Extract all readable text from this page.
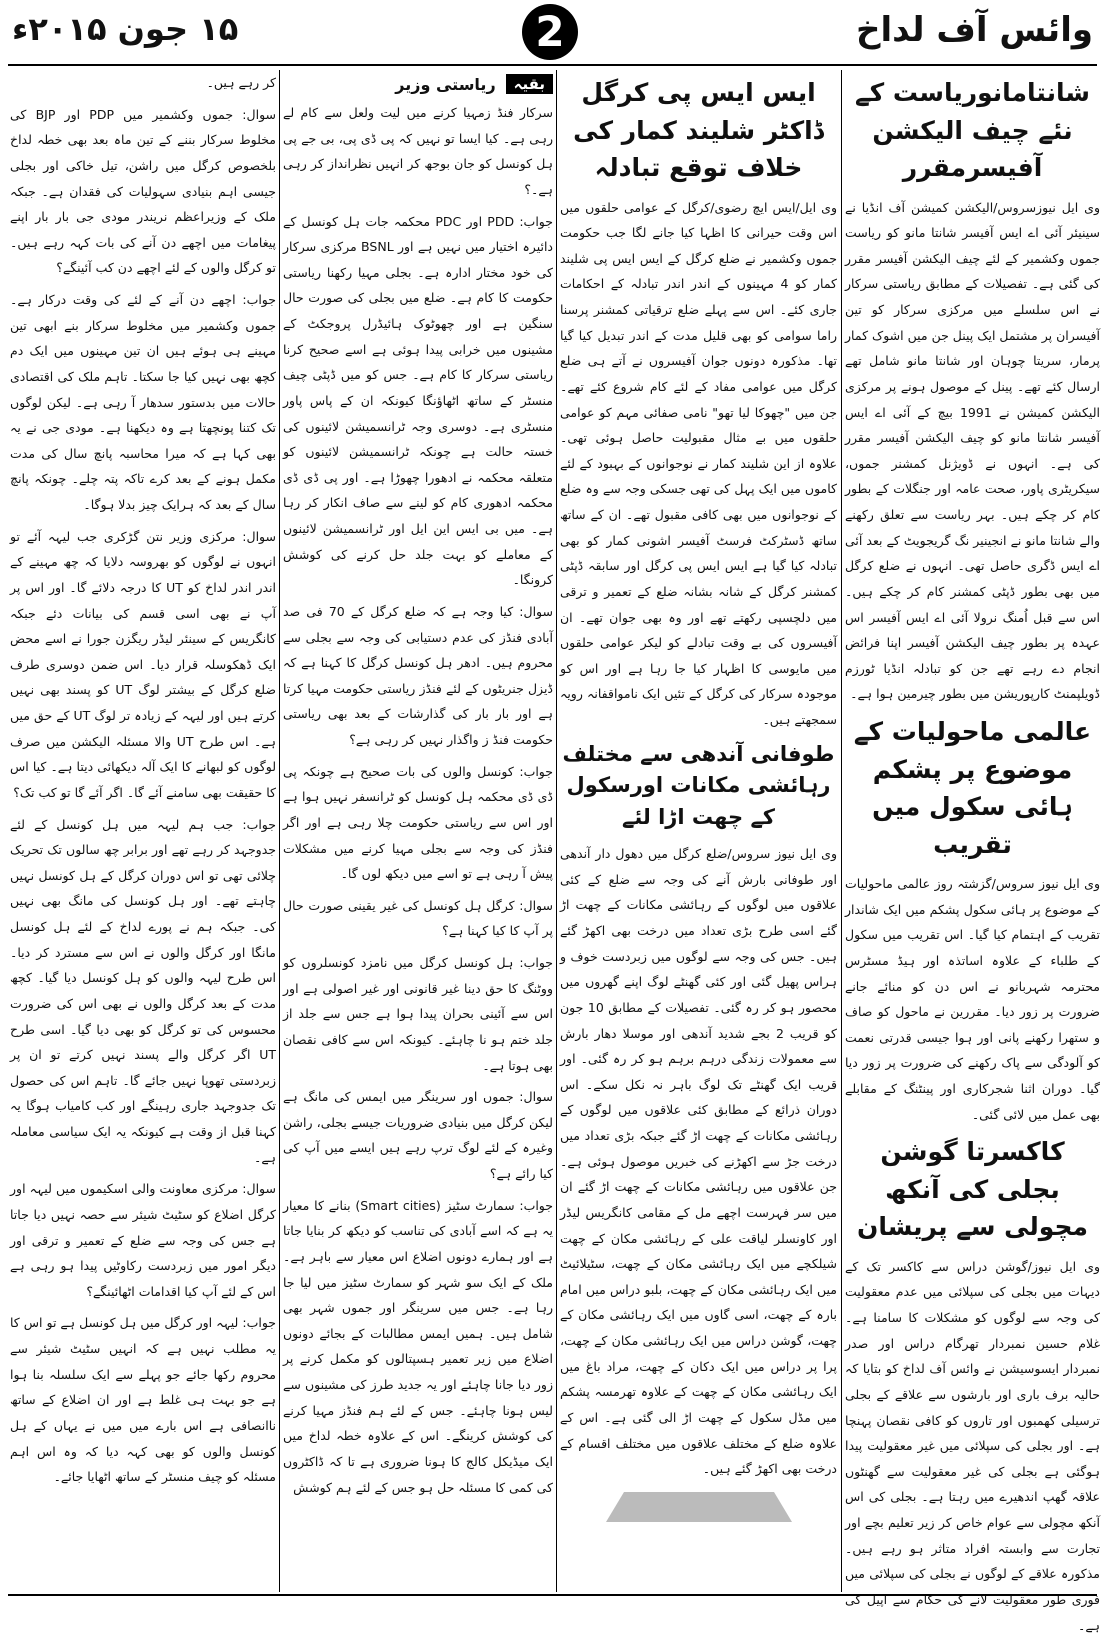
وائس آف لداخ
2
۱۵ جون ۲۰۱۵ء
شانتامانوریاست کے نئے چیف الیکشن آفیسرمقرر

وی ایل نیوزسروس/الیکشن کمیشن آف انڈیا نے سینیئر آئی اے ایس آفیسر شانتا مانو کو ریاست جموں وکشمیر کے لئے چیف الیکشن آفیسر مقرر کی گئی ہے۔ تفصیلات کے مطابق ریاستی سرکار نے اس سلسلے میں مرکزی سرکار کو تین آفیسران پر مشتمل ایک پینل جن میں اشوک کمار پرمار، سریتا چوہان اور شانتا مانو شامل تھے ارسال کئے تھے۔ پینل کے موصول ہونے پر مرکزی الیکشن کمیشن نے 1991 بیچ کے آئی اے ایس آفیسر شانتا مانو کو چیف الیکشن آفیسر مقرر کی ہے۔ انہوں نے ڈویژنل کمشنر جموں، سیکریٹری پاور، صحت عامہ اور جنگلات کے بطور کام کر چکے ہیں۔ بہر ریاست سے تعلق رکھنے والے شانتا مانو نے انجینیر نگ گریجویٹ کے بعد آئی اے ایس ڈگری حاصل تھی۔ انہوں نے ضلع کرگل میں بھی بطور ڈپٹی کمشنر کام کر چکے ہیں۔ اس سے قبل اُمنگ نرولا آئی اے ایس آفیسر اس عہدہ پر بطور چیف الیکشن آفیسر اپنا فرائض انجام دے رہے تھے جن کو تبادلہ انڈیا ٹورزم ڈویلپمنٹ کارپوریشن میں بطور چیرمین ہوا ہے۔

عالمی ماحولیات کے موضوع پر پشکم ہائی سکول میں تقریب

وی ایل نیوز سروس/گزشتہ روز عالمی ماحولیات کے موضوع پر ہائی سکول پشکم میں ایک شاندار تقریب کے اہتمام کیا گیا۔ اس تقریب میں سکول کے طلباء کے علاوہ اساتذہ اور ہیڈ مسٹرس محترمہ شہربانو نے اس دن کو منائے جانے ضرورت پر زور دیا۔ مقررین نے ماحول کو صاف و ستھرا رکھنے پانی اور ہوا جیسی قدرتی نعمت کو آلودگی سے پاک رکھنے کی ضرورت پر زور دیا گیا۔ دوران اثنا شجرکاری اور پینٹنگ کے مقابلے بھی عمل میں لائی گئی۔

کاکسرتا گوشن بجلی کی آنکھ مچولی سے پریشان

وی ایل نیوز/گوشن دراس سے کاکسر تک کے دیہات میں بجلی کی سپلائی میں عدم معقولیت کی وجہ سے لوگوں کو مشکلات کا سامنا ہے۔ غلام حسین نمبردار تھرگام دراس اور صدر نمبردار ایسوسیشن نے وائس آف لداخ کو بتایا کہ حالیہ برف باری اور بارشوں سے علاقے کے بجلی ترسیلی کھمبوں اور تاروں کو کافی نقصان پہنچا ہے۔ اور بجلی کی سپلائی میں غیر معقولیت پیدا ہوگئی ہے بجلی کی غیر معقولیت سے گھنٹوں علاقہ گھپ اندھیرے میں رہتا ہے۔ بجلی کی اس آنکھ مچولی سے عوام خاص کر زیر تعلیم بچے اور تجارت سے وابستہ افراد متاثر ہو رہے ہیں۔ مذکورہ علاقے کے لوگوں نے بجلی کی سپلائی میں فوری طور معقولیت لانے کی حکام سے اپیل کی ہے۔

ایس ایس پی کرگل ڈاکٹر شلیند کمار کی خلاف توقع تبادلہ

وی ایل/ایس ایچ رضوی/کرگل کے عوامی حلقوں میں اس وقت حیرانی کا اظہا کیا جانے لگا جب حکومت جموں وکشمیر نے ضلع کرگل کے ایس ایس پی شلیند کمار کو 4 مہینوں کے اندر اندر تبادلہ کے احکامات جاری کئے۔ اس سے پہلے ضلع ترقیاتی کمشنر پرسنا راما سوامی کو بھی قلیل مدت کے اندر تبدیل کیا گیا تھا۔ مذکورہ دونوں جوان آفیسروں نے آتے ہی ضلع کرگل میں عوامی مفاد کے لئے کام شروع کئے تھے۔ جن میں "چھوکا لیا تھو" نامی صفائی مہم کو عوامی حلقوں میں بے مثال مقبولیت حاصل ہوئی تھی۔ علاوہ از این شلیند کمار نے نوجوانوں کے بہبود کے لئے کاموں میں ایک پہل کی تھی جسکی وجہ سے وہ ضلع کے نوجوانوں میں بھی کافی مقبول تھے۔ ان کے ساتھ ساتھ ڈسٹرکٹ فرسٹ آفیسر اشونی کمار کو بھی تبادلہ کیا گیا ہے ایس ایس پی کرگل اور سابقہ ڈپٹی کمشنر کرگل کے شانہ بشانہ ضلع کے تعمیر و ترقی میں دلچسپی رکھتے تھے اور وہ بھی جوان تھے۔ ان آفیسروں کی بے وقت تبادلے کو لیکر عوامی حلقوں میں مایوسی کا اظہار کیا جا رہا ہے اور اس کو موجودہ سرکار کی کرگل کے تئیں ایک نامواقفانہ رویہ سمجھتے ہیں۔

طوفانی آندھی سے مختلف رہائشی مکانات اورسکول کے چھت اڑا لئے

وی ایل نیوز سروس/ضلع کرگل میں دھول دار آندھی اور طوفانی بارش آنے کی وجہ سے ضلع کے کئی علاقوں میں لوگوں کے رہائشی مکانات کے چھت اڑ گئے اسی طرح بڑی تعداد میں درخت بھی اکھڑ گئے ہیں۔ جس کی وجہ سے لوگوں میں زبردست خوف و ہراس پھیل گئی اور کئی گھنٹے لوگ اپنے گھروں میں محصور ہو کر رہ گئی۔ تفصیلات کے مطابق 10 جون کو قریب 2 بجے شدید آندھی اور موسلا دھار بارش سے معمولات زندگی درہم برہم ہو کر رہ گئی۔ اور قریب ایک گھنٹے تک لوگ باہر نہ نکل سکے۔ اس دوران ذرائع کے مطابق کئی علاقوں میں لوگوں کے رہائشی مکانات کے چھت اڑ گئے جبکہ بڑی تعداد میں درخت جڑ سے اکھڑنے کی خبریں موصول ہوئی ہے۔ جن علاقوں میں رہائشی مکانات کے چھت اڑ گئے ان میں سر فہرست اچھے مل کے مقامی کانگریس لیڈر اور کاونسلر لیاقت علی کے رہائشی مکان کے چھت شیلکچے میں ایک رہائشی مکان کے چھت، سٹیلائیٹ میں ایک رہائشی مکان کے چھت، بلبو دراس میں امام بارہ کے چھت، اسی گاوں میں ایک رہائشی مکان کے چھت، گوشن دراس میں ایک رہائشی مکان کے چھت، پرا پر دراس میں ایک دکان کے چھت، مراد باغ میں ایک رہائشی مکان کے چھت کے علاوہ تھرمسہ پشکم میں مڈل سکول کے چھت اڑ الی گئی ہے۔ اس کے علاوہ ضلع کے مختلف علاقوں میں مختلف اقسام کے درخت بھی اکھڑ گئے ہیں۔

بقیہ
ریاستی وزیر

سرکار فنڈ زمہیا کرنے میں لیت ولعل سے کام لے رہی ہے۔ کیا ایسا تو نہیں کہ پی ڈی پی، بی جے پی ہل کونسل کو جان بوجھ کر انہیں نظرانداز کر رہی ہے۔؟

جواب: PDD اور PDC محکمہ جات ہل کونسل کے دائیرہ اختیار میں نہیں ہے اور BSNL مرکزی سرکار کی خود مختار ادارہ ہے۔ بجلی مہیا رکھنا ریاستی حکومت کا کام ہے۔ ضلع میں بجلی کی صورت حال سنگین ہے اور چھوٹوک ہائیڈرل پروجکٹ کے مشینوں میں خرابی پیدا ہوئی ہے اسے صحیح کرنا ریاستی سرکار کا کام ہے۔ جس کو میں ڈپٹی چیف منسٹر کے ساتھ اٹھاؤنگا کیونکہ ان کے پاس پاور منسٹری ہے۔ دوسری وجہ ٹرانسمیشن لائینوں کی خستہ حالت ہے چونکہ ٹرانسمیشن لائینوں کو متعلقہ محکمہ نے ادھورا چھوڑا ہے۔ اور پی ڈی ڈی محکمہ ادھوری کام کو لینے سے صاف انکار کر رہا ہے۔ میں بی ایس این ایل اور ٹرانسمیشن لائینوں کے معاملے کو بہت جلد حل کرنے کی کوشش کرونگا۔

سوال: کیا وجہ ہے کہ ضلع کرگل کے 70 فی صد آبادی فنڈز کی عدم دستیابی کی وجہ سے بجلی سے محروم ہیں۔ ادھر ہل کونسل کرگل کا کہنا ہے کہ ڈیزل جنریٹوں کے لئے فنڈز ریاستی حکومت مہیا کرتا ہے اور بار بار کی گذارشات کے بعد بھی ریاستی حکومت فنڈ ز واگذار نہیں کر رہی ہے؟

جواب: کونسل والوں کی بات صحیح ہے چونکہ پی ڈی ڈی محکمہ ہل کونسل کو ٹرانسفر نہیں ہوا ہے اور اس سے ریاستی حکومت چلا رہی ہے اور اگر فنڈز کی وجہ سے بجلی مہیا کرنے میں مشکلات پیش آ رہی ہے تو اسے میں دیکھ لوں گا۔

سوال: کرگل ہل کونسل کی غیر یقینی صورت حال پر آپ کا کیا کہنا ہے؟

جواب: ہل کونسل کرگل میں نامزد کونسلروں کو ووٹنگ کا حق دینا غیر قانونی اور غیر اصولی ہے اور اس سے آئینی بحران پیدا ہوا ہے جس سے جلد از جلد ختم ہو نا چاہئے۔ کیونکہ اس سے کافی نقصان بھی ہوتا ہے۔

سوال: جموں اور سرینگر میں ایمس کی مانگ ہے لیکن کرگل میں بنیادی ضروریات جیسے بجلی، راشن وغیرہ کے لئے لوگ ترپ رہے ہیں ایسے میں آپ کی کیا رائے ہے؟

جواب: سمارٹ سٹیز (Smart cities) بنانے کا معیار یہ ہے کہ اسے آبادی کی تناسب کو دیکھ کر بنایا جاتا ہے اور ہمارے دونوں اضلاع اس معیار سے باہر ہے۔ ملک کے ایک سو شہر کو سمارٹ سٹیز میں لیا جا رہا ہے۔ جس میں سرینگر اور جموں شہر بھی شامل ہیں۔ ہمیں ایمس مطالبات کے بجائے دونوں اضلاع میں زیر تعمیر ہسپتالوں کو مکمل کرنے پر زور دیا جانا چاہئے اور یہ جدید طرز کی مشینوں سے لیس ہونا چاہئے۔ جس کے لئے ہم فنڈز مہیا کرنے کی کوشش کرینگے۔ اس کے علاوہ خطہ لداخ میں ایک میڈیکل کالج کا ہونا ضروری ہے تا کہ ڈاکٹروں کی کمی کا مسئلہ حل ہو جس کے لئے ہم کوشش

کر رہے ہیں۔

سوال: جموں وکشمیر میں PDP اور BJP کی مخلوط سرکار بننے کے تین ماہ بعد بھی خطہ لداخ بلخصوص کرگل میں راشن، تیل خاکی اور بجلی جیسی اہم بنیادی سہولیات کی فقدان ہے۔ جبکہ ملک کے وزیراعظم نریندر مودی جی بار بار اپنے پیغامات میں اچھے دن آنے کی بات کہہ رہے ہیں۔ تو کرگل والوں کے لئے اچھے دن کب آئینگے؟

جواب: اچھے دن آنے کے لئے کی وقت درکار ہے۔ جموں وکشمیر میں مخلوط سرکار بنے ابھی تین مہینے ہی ہوئے ہیں ان تین مہینوں میں ایک دم کچھ بھی نہیں کیا جا سکتا۔ تاہم ملک کی اقتصادی حالات میں بدستور سدھار آ رہی ہے۔ لیکن لوگوں تک کتنا پونچھتا ہے وہ دیکھنا ہے۔ مودی جی نے یہ بھی کہا ہے کہ میرا محاسبہ پانچ سال کی مدت مکمل ہونے کے بعد کرے تاکہ پتہ چلے۔ چونکہ پانچ سال کے بعد کہ ہرایک چیز بدلا ہوگا۔

سوال: مرکزی وزیر نتن گڑکری جب لیہہ آئے تو انہوں نے لوگوں کو بھروسہ دلایا کہ چھ مہینے کے اندر اندر لداخ کو UT کا درجہ دلائے گا۔ اور اس پر آپ نے بھی اسی قسم کی بیانات دئے جبکہ کانگریس کے سینئر لیڈر ریگزن جورا نے اسے محض ایک ڈھکوسلہ قرار دیا۔ اس ضمن دوسری طرف ضلع کرگل کے بیشتر لوگ UT کو پسند بھی نہیں کرتے ہیں اور لیہہ کے زیادہ تر لوگ UT کے حق میں ہے۔ اس طرح UT والا مسئلہ الیکشن میں صرف لوگوں کو لبھانے کا ایک آلہ دیکھائی دیتا ہے۔ کیا اس کا حقیقت بھی سامنے آئے گا۔ اگر آئے گا تو کب تک؟

جواب: جب ہم لیہہ میں ہل کونسل کے لئے جدوجہد کر رہے تھے اور برابر چھ سالوں تک تحریک چلائی تھی تو اس دوران کرگل کے ہل کونسل نہیں چاہتے تھے۔ اور ہل کونسل کی مانگ بھی نہیں کی۔ جبکہ ہم نے پورے لداخ کے لئے ہل کونسل مانگا اور کرگل والوں نے اس سے مسترد کر دیا۔ اس طرح لیہہ والوں کو ہل کونسل دیا گیا۔ کچھ مدت کے بعد کرگل والوں نے بھی اس کی ضرورت محسوس کی تو کرگل کو بھی دیا گیا۔ اسی طرح UT اگر کرگل والے پسند نہیں کرتے تو ان پر زبردستی تھوپا نہیں جائے گا۔ تاہم اس کی حصول تک جدوجہد جاری رہینگے اور کب کامیاب ہوگا یہ کہنا قبل از وقت ہے کیونکہ یہ ایک سیاسی معاملہ ہے۔

سوال: مرکزی معاونت والی اسکیموں میں لیہہ اور کرگل اضلاع کو سٹیٹ شیئر سے حصہ نہیں دیا جاتا ہے جس کی وجہ سے ضلع کے تعمیر و ترقی اور دیگر امور میں زبردست رکاوٹیں پیدا ہو رہی ہے اس کے لئے آپ کیا اقدامات اٹھائینگے؟

جواب: لیہہ اور کرگل میں ہل کونسل ہے تو اس کا یہ مطلب نہیں ہے کہ انہیں سٹیٹ شیئر سے محروم رکھا جائے جو پہلے سے ایک سلسلہ بنا ہوا ہے جو بہت ہی غلط ہے اور ان اضلاع کے ساتھ ناانصافی ہے اس بارے میں میں نے یہاں کے ہل کونسل والوں کو بھی کہہ دیا کہ وہ اس اہم مسئلہ کو چیف منسٹر کے ساتھ اٹھایا جائے۔
